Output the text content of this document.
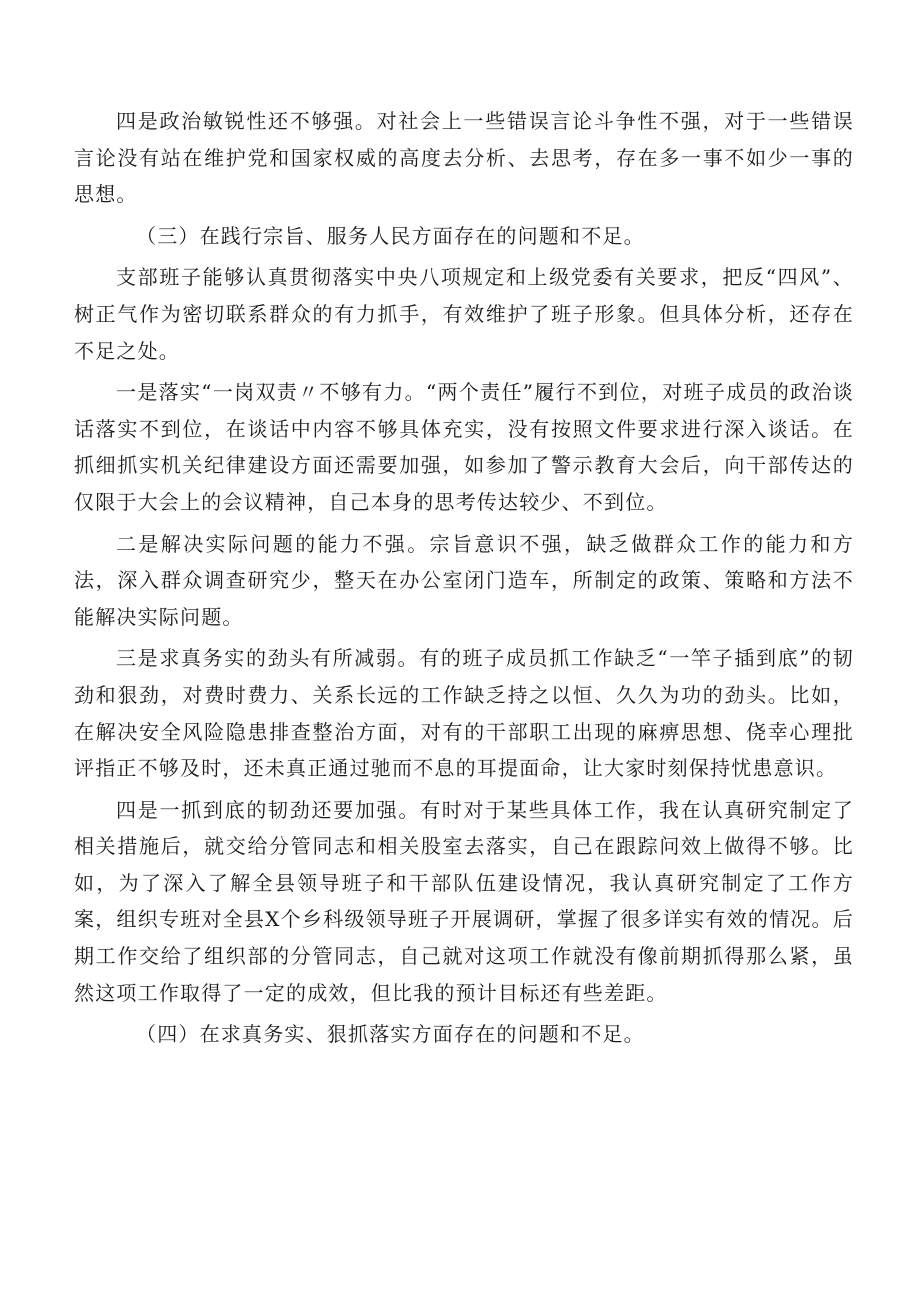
四是政治敏锐性还不够强。对社会上一些错误言论斗争性不强，对于一些错误言论没有站在维护党和国家权威的高度去分析、去思考，存在多一事不如少一事的思想。

（三）在践行宗旨、服务人民方面存在的问题和不足。

支部班子能够认真贯彻落实中央八项规定和上级党委有关要求，把反“四风”、树正气作为密切联系群众的有力抓手，有效维护了班子形象。但具体分析，还存在不足之处。

一是落实“一岗双责〃不够有力。“两个责任”履行不到位，对班子成员的政治谈话落实不到位，在谈话中内容不够具体充实，没有按照文件要求进行深入谈话。在抓细抓实机关纪律建设方面还需要加强，如参加了警示教育大会后，向干部传达的仅限于大会上的会议精神，自己本身的思考传达较少、不到位。

二是解决实际问题的能力不强。宗旨意识不强，缺乏做群众工作的能力和方法，深入群众调查研究少，整天在办公室闭门造车，所制定的政策、策略和方法不能解决实际问题。

三是求真务实的劲头有所减弱。有的班子成员抓工作缺乏“一竿子插到底”的韧劲和狠劲，对费时费力、关系长远的工作缺乏持之以恒、久久为功的劲头。比如，在解决安全风险隐患排查整治方面，对有的干部职工出现的麻痹思想、侥幸心理批评指正不够及时，还未真正通过驰而不息的耳提面命，让大家时刻保持忧患意识。

四是一抓到底的韧劲还要加强。有时对于某些具体工作，我在认真研究制定了相关措施后，就交给分管同志和相关股室去落实，自己在跟踪问效上做得不够。比如，为了深入了解全县领导班子和干部队伍建设情况，我认真研究制定了工作方案，组织专班对全县X个乡科级领导班子开展调研，掌握了很多详实有效的情况。后期工作交给了组织部的分管同志，自己就对这项工作就没有像前期抓得那么紧，虽然这项工作取得了一定的成效，但比我的预计目标还有些差距。

（四）在求真务实、狠抓落实方面存在的问题和不足。
